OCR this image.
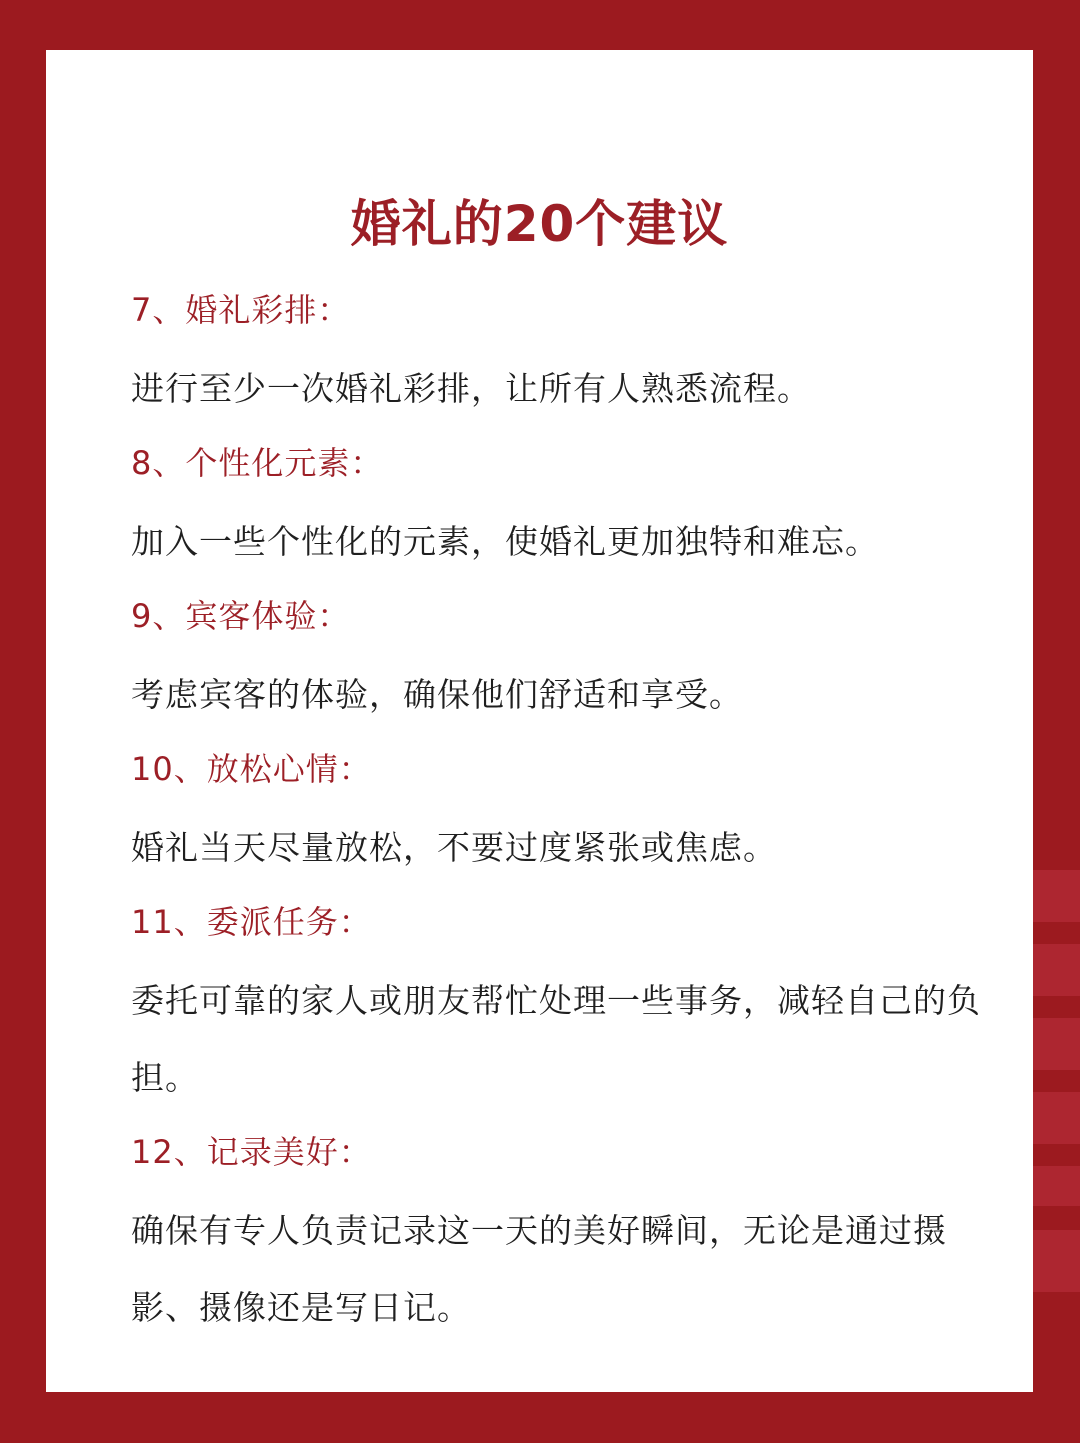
婚礼的20个建议
7、婚礼彩排：
进行至少一次婚礼彩排，让所有人熟悉流程。
8、个性化元素：
加入一些个性化的元素，使婚礼更加独特和难忘。
9、宾客体验：
考虑宾客的体验，确保他们舒适和享受。
10、放松心情：
婚礼当天尽量放松，不要过度紧张或焦虑。
11、委派任务：
委托可靠的家人或朋友帮忙处理一些事务，减轻自己的负担。
12、记录美好：
确保有专人负责记录这一天的美好瞬间，无论是通过摄影、摄像还是写日记。
